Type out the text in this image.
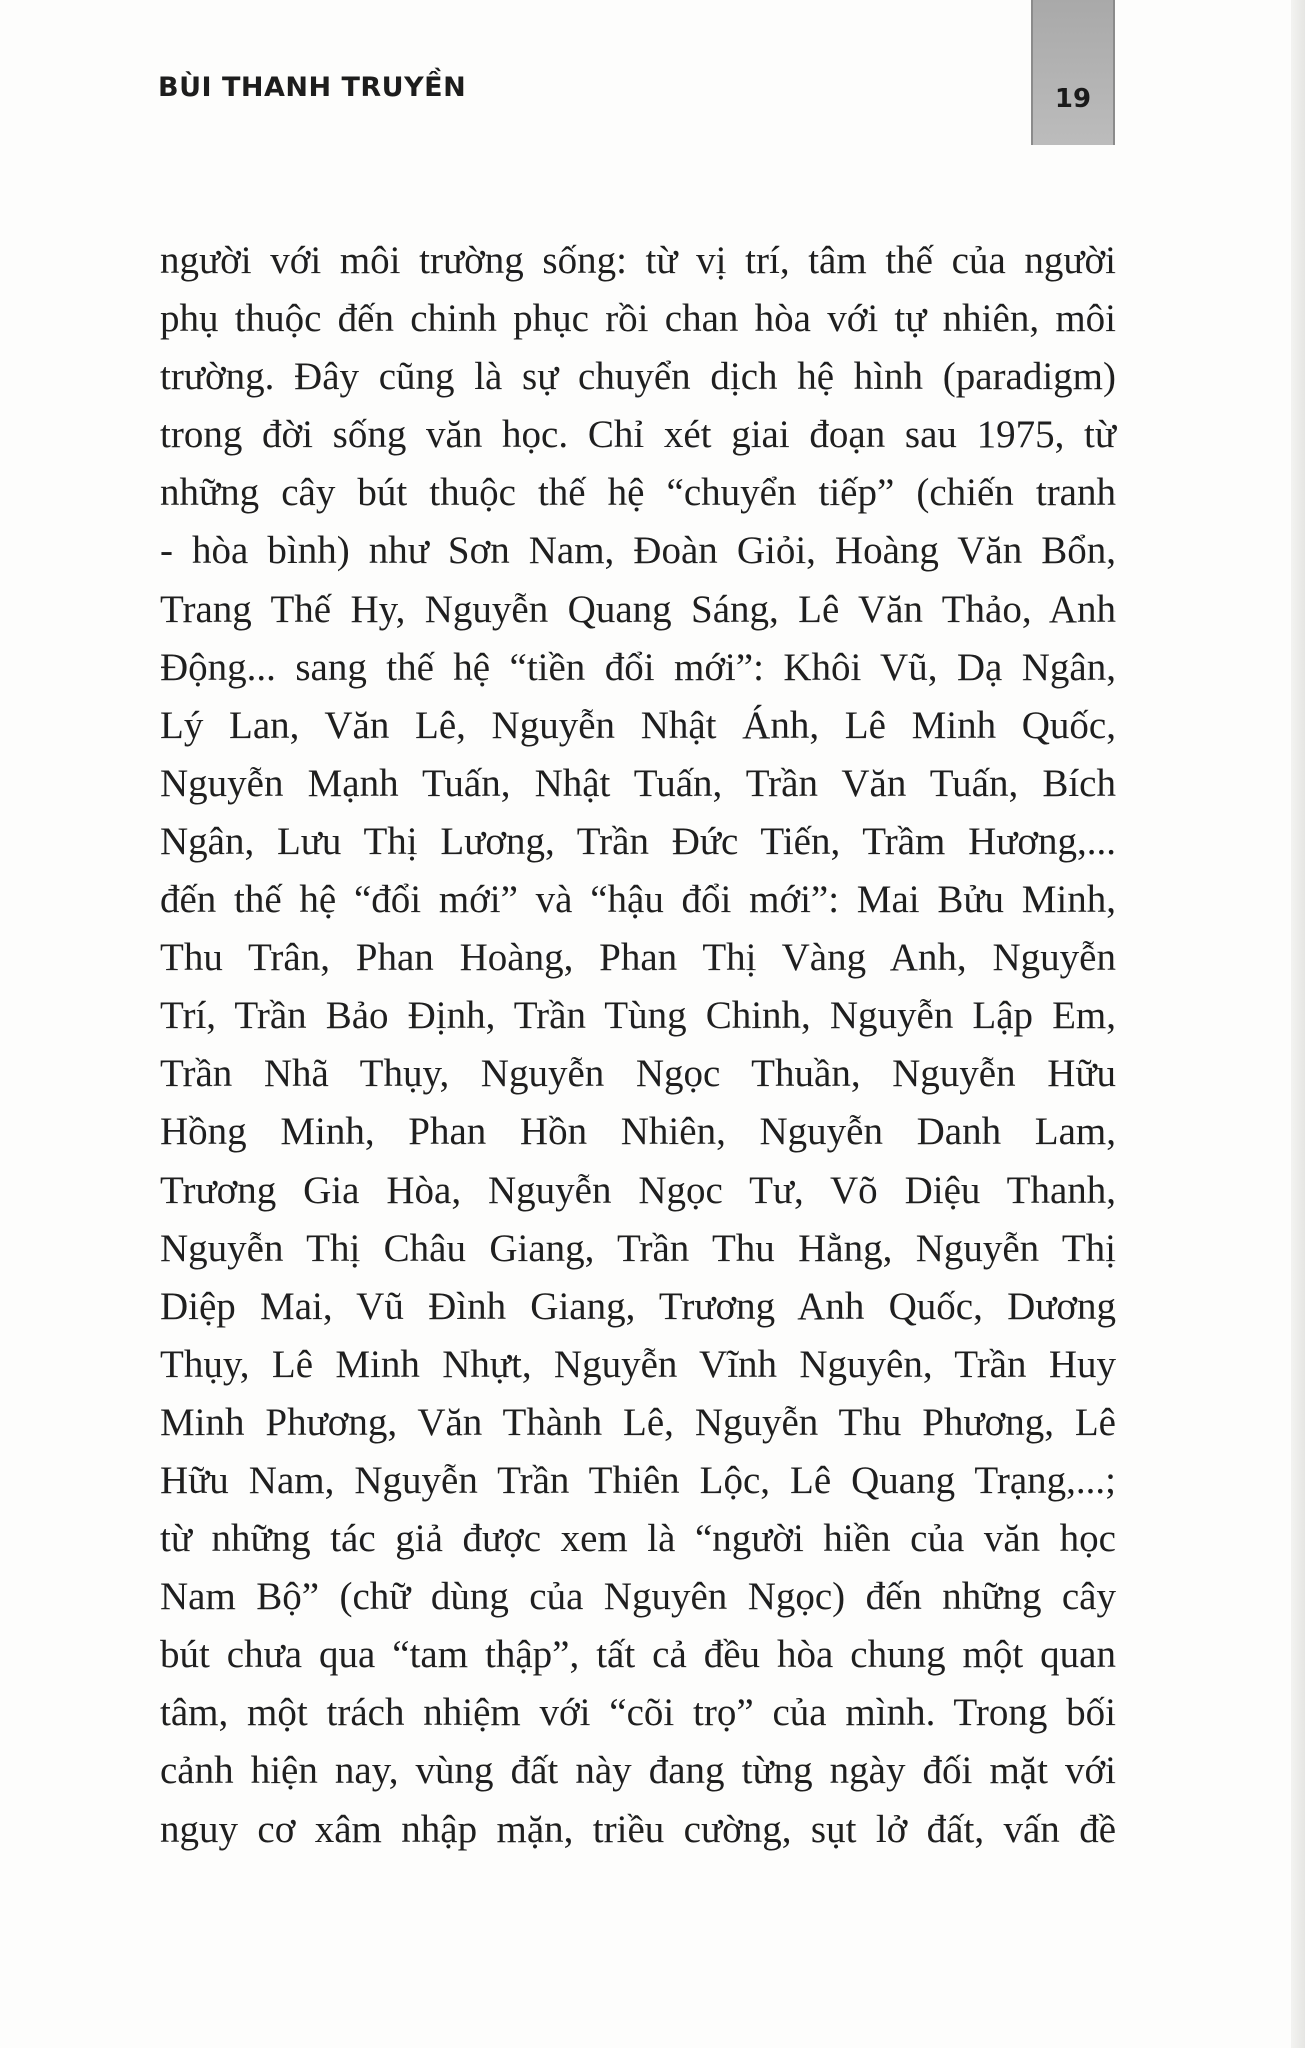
BÙI THANH TRUYỀN	19
người với môi trường sống: từ vị trí, tâm thế của người
phụ thuộc đến chinh phục rồi chan hòa với tự nhiên, môi
trường. Đây cũng là sự chuyển dịch hệ hình (paradigm)
trong đời sống văn học. Chỉ xét giai đoạn sau 1975, từ
những cây bút thuộc thế hệ “chuyển tiếp” (chiến tranh
- hòa bình) như Sơn Nam, Đoàn Giỏi, Hoàng Văn Bổn,
Trang Thế Hy, Nguyễn Quang Sáng, Lê Văn Thảo, Anh
Động... sang thế hệ “tiền đổi mới”: Khôi Vũ, Dạ Ngân,
Lý Lan, Văn Lê, Nguyễn Nhật Ánh, Lê Minh Quốc,
Nguyễn Mạnh Tuấn, Nhật Tuấn, Trần Văn Tuấn, Bích
Ngân, Lưu Thị Lương, Trần Đức Tiến, Trầm Hương,...
đến thế hệ “đổi mới” và “hậu đổi mới”: Mai Bửu Minh,
Thu Trân, Phan Hoàng, Phan Thị Vàng Anh, Nguyễn
Trí, Trần Bảo Định, Trần Tùng Chinh, Nguyễn Lập Em,
Trần Nhã Thụy, Nguyễn Ngọc Thuần, Nguyễn Hữu
Hồng Minh, Phan Hồn Nhiên, Nguyễn Danh Lam,
Trương Gia Hòa, Nguyễn Ngọc Tư, Võ Diệu Thanh,
Nguyễn Thị Châu Giang, Trần Thu Hằng, Nguyễn Thị
Diệp Mai, Vũ Đình Giang, Trương Anh Quốc, Dương
Thụy, Lê Minh Nhựt, Nguyễn Vĩnh Nguyên, Trần Huy
Minh Phương, Văn Thành Lê, Nguyễn Thu Phương, Lê
Hữu Nam, Nguyễn Trần Thiên Lộc, Lê Quang Trạng,...;
từ những tác giả được xem là “người hiền của văn học
Nam Bộ” (chữ dùng của Nguyên Ngọc) đến những cây
bút chưa qua “tam thập”, tất cả đều hòa chung một quan
tâm, một trách nhiệm với “cõi trọ” của mình. Trong bối
cảnh hiện nay, vùng đất này đang từng ngày đối mặt với
nguy cơ xâm nhập mặn, triều cường, sụt lở đất, vấn đề
